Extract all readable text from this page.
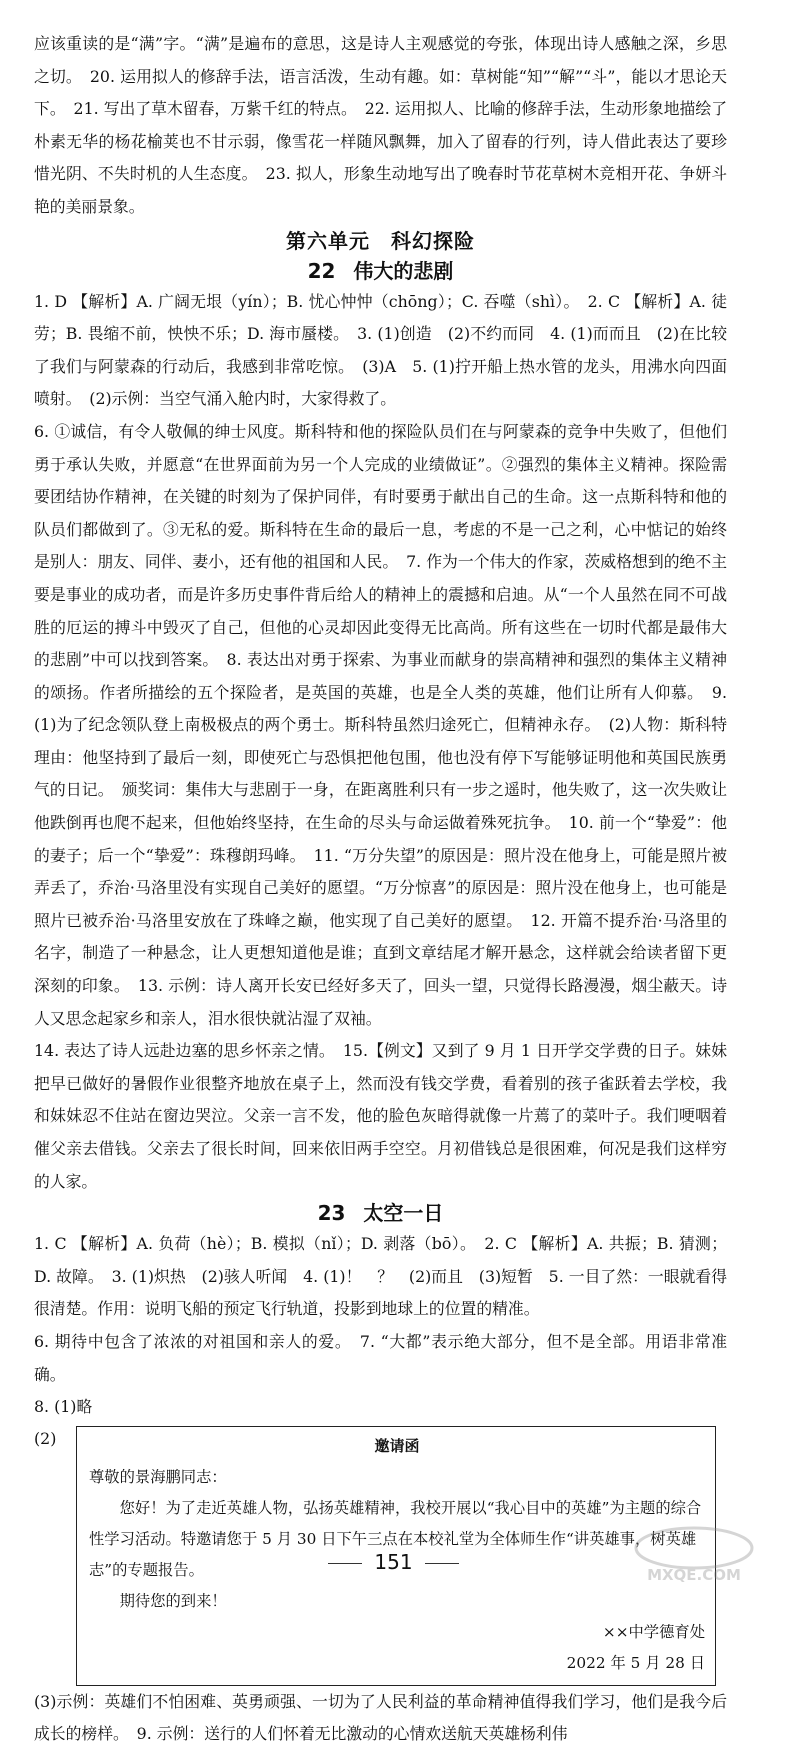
应该重读的是“满”字。“满”是遍布的意思，这是诗人主观感觉的夸张，体现出诗人感触之深，乡思之切。　20. 运用拟人的修辞手法，语言活泼，生动有趣。如：草树能“知”“解”“斗”，能以才思论天下。　21. 写出了草木留春，万紫千红的特点。　22. 运用拟人、比喻的修辞手法，生动形象地描绘了朴素无华的杨花榆荚也不甘示弱，像雪花一样随风飘舞，加入了留春的行列，诗人借此表达了要珍惜光阴、不失时机的人生态度。　23. 拟人，形象生动地写出了晚春时节花草树木竞相开花、争妍斗艳的美丽景象。

第六单元　科幻探险
22 伟大的悲剧
1. D 【解析】A. 广阔无垠（yín）；B. 忧心忡忡（chōng）；C. 吞噬（shì）。　2. C 【解析】A. 徒劳；B. 畏缩不前，怏怏不乐；D. 海市蜃楼。　3. (1)创造　(2)不约而同　4. (1)而而且　(2)在比较了我们与阿蒙森的行动后，我感到非常吃惊。　(3)A　5. (1)拧开船上热水管的龙头，用沸水向四面喷射。　(2)示例：当空气涌入舱内时，大家得救了。
6. ①诚信，有令人敬佩的绅士风度。斯科特和他的探险队员们在与阿蒙森的竞争中失败了，但他们勇于承认失败，并愿意“在世界面前为另一个人完成的业绩做证”。②强烈的集体主义精神。探险需要团结协作精神，在关键的时刻为了保护同伴，有时要勇于献出自己的生命。这一点斯科特和他的队员们都做到了。③无私的爱。斯科特在生命的最后一息，考虑的不是一己之利，心中惦记的始终是别人：朋友、同伴、妻小，还有他的祖国和人民。　7. 作为一个伟大的作家，茨威格想到的绝不主要是事业的成功者，而是许多历史事件背后给人的精神上的震撼和启迪。从“一个人虽然在同不可战胜的厄运的搏斗中毁灭了自己，但他的心灵却因此变得无比高尚。所有这些在一切时代都是最伟大的悲剧”中可以找到答案。　8. 表达出对勇于探索、为事业而献身的崇高精神和强烈的集体主义精神的颂扬。作者所描绘的五个探险者，是英国的英雄，也是全人类的英雄，他们让所有人仰慕。　9. (1)为了纪念领队登上南极极点的两个勇士。斯科特虽然归途死亡，但精神永存。　(2)人物：斯科特　理由：他坚持到了最后一刻，即使死亡与恐惧把他包围，他也没有停下写能够证明他和英国民族勇气的日记。　颁奖词：集伟大与悲剧于一身，在距离胜利只有一步之遥时，他失败了，这一次失败让他跌倒再也爬不起来，但他始终坚持，在生命的尽头与命运做着殊死抗争。　10. 前一个“挚爱”：他的妻子；后一个“挚爱”：珠穆朗玛峰。　11. “万分失望”的原因是：照片没在他身上，可能是照片被弄丢了，乔治·马洛里没有实现自己美好的愿望。“万分惊喜”的原因是：照片没在他身上，也可能是照片已被乔治·马洛里安放在了珠峰之巅，他实现了自己美好的愿望。　12. 开篇不提乔治·马洛里的名字，制造了一种悬念，让人更想知道他是谁；直到文章结尾才解开悬念，这样就会给读者留下更深刻的印象。　13. 示例：诗人离开长安已经好多天了，回头一望，只觉得长路漫漫，烟尘蔽天。诗人又思念起家乡和亲人，泪水很快就沾湿了双袖。
14. 表达了诗人远赴边塞的思乡怀亲之情。　15.【例文】又到了 9 月 1 日开学交学费的日子。妹妹把早已做好的暑假作业很整齐地放在桌子上，然而没有钱交学费，看着别的孩子雀跃着去学校，我和妹妹忍不住站在窗边哭泣。父亲一言不发，他的脸色灰暗得就像一片蔫了的菜叶子。我们哽咽着催父亲去借钱。父亲去了很长时间，回来依旧两手空空。月初借钱总是很困难，何况是我们这样穷的人家。
23 太空一日
1. C 【解析】A. 负荷（hè）；B. 模拟（nǐ）；D. 剥落（bō）。　2. C 【解析】A. 共振；B. 猜测；D. 故障。　3. (1)炽热　(2)骇人听闻　4. (1)！　？　(2)而且　(3)短暂　5. 一目了然：一眼就看得很清楚。作用：说明飞船的预定飞行轨道，投影到地球上的位置的精准。
6. 期待中包含了浓浓的对祖国和亲人的爱。　7. “大都”表示绝大部分，但不是全部。用语非常准确。
8. (1)略
(2)	邀请函

尊敬的景海鹏同志：

您好！为了走近英雄人物，弘扬英雄精神，我校开展以“我心目中的英雄”为主题的综合性学习活动。特邀请您于 5 月 30 日下午三点在本校礼堂为全体师生作“讲英雄事，树英雄志”的专题报告。

期待您的到来！

××中学德育处

2022 年 5 月 28 日

(3)示例：英雄们不怕困难、英勇顽强、一切为了人民利益的革命精神值得我们学习，他们是我今后成长的榜样。　9. 示例：送行的人们怀着无比激动的心情欢送航天英雄杨利伟

151
MXQE.COM
